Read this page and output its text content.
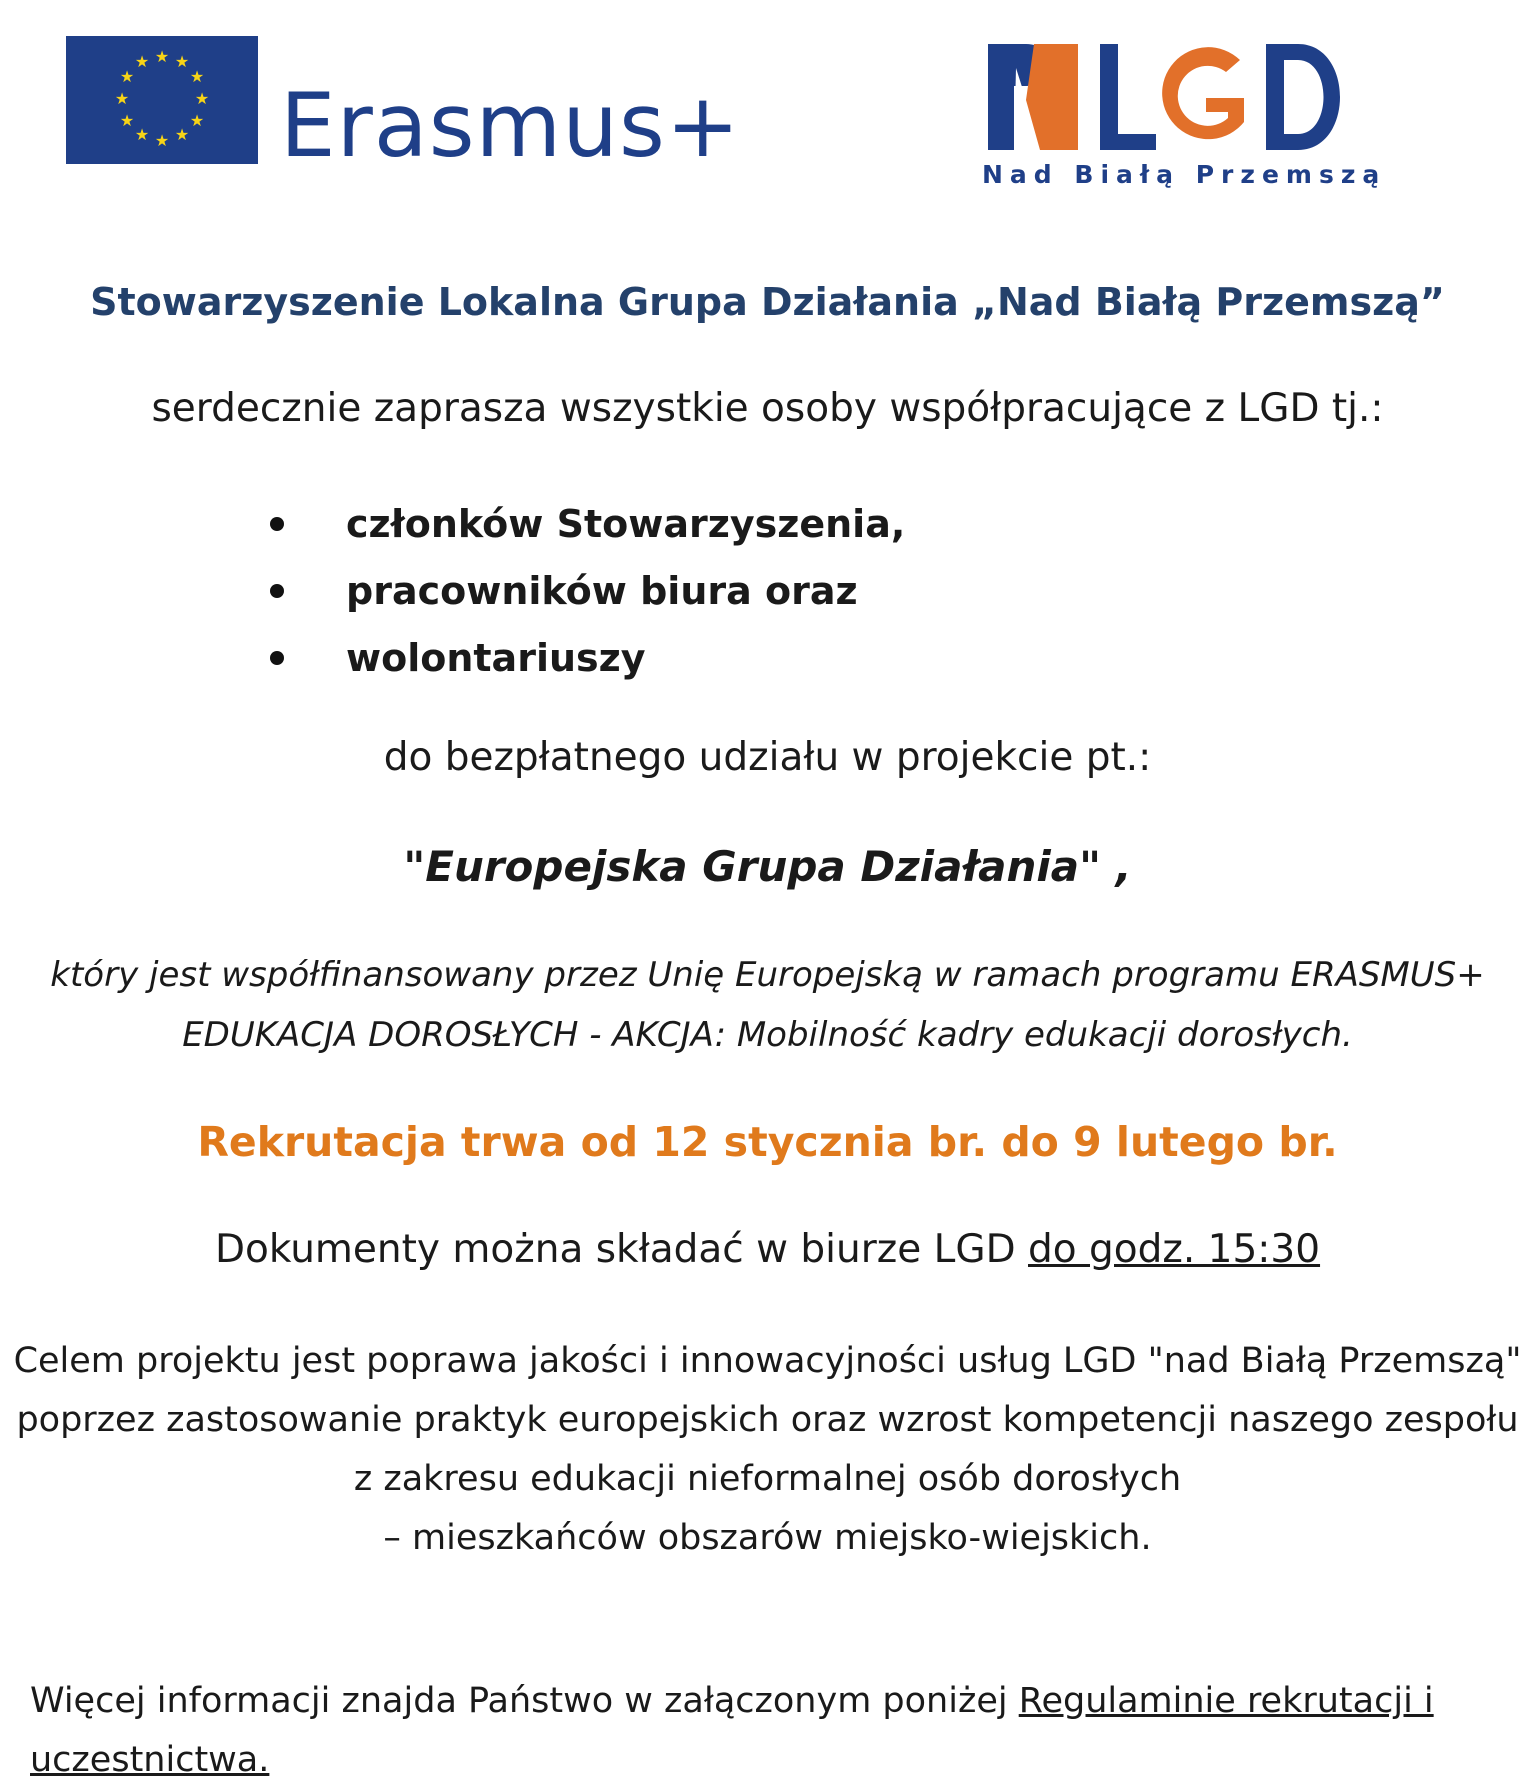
★ ★
★
★
★
★
★
★
★
★
★
★
Erasmus+	Nad Białą Przemszą
Stowarzyszenie Lokalna Grupa Działania „Nad Białą Przemszą”
serdecznie zaprasza wszystkie osoby współpracujące z LGD tj.:
członków Stowarzyszenia,
pracowników biura oraz
wolontariuszy
do bezpłatnego udziału w projekcie pt.:
"Europejska Grupa Działania" ,
który jest współfinansowany przez Unię Europejską w ramach programu ERASMUS+
EDUKACJA DOROSŁYCH - AKCJA: Mobilność kadry edukacji dorosłych.
Rekrutacja trwa od 12 stycznia br. do 9 lutego br.
Dokumenty można składać w biurze LGD do godz. 15:30
Celem projektu jest poprawa jakości i innowacyjności usług LGD "nad Białą Przemszą"
poprzez zastosowanie praktyk europejskich oraz wzrost kompetencji naszego zespołu
z zakresu edukacji nieformalnej osób dorosłych
– mieszkańców obszarów miejsko-wiejskich.
Więcej informacji znajda Państwo w załączonym poniżej Regulaminie rekrutacji i uczestnictwa.
